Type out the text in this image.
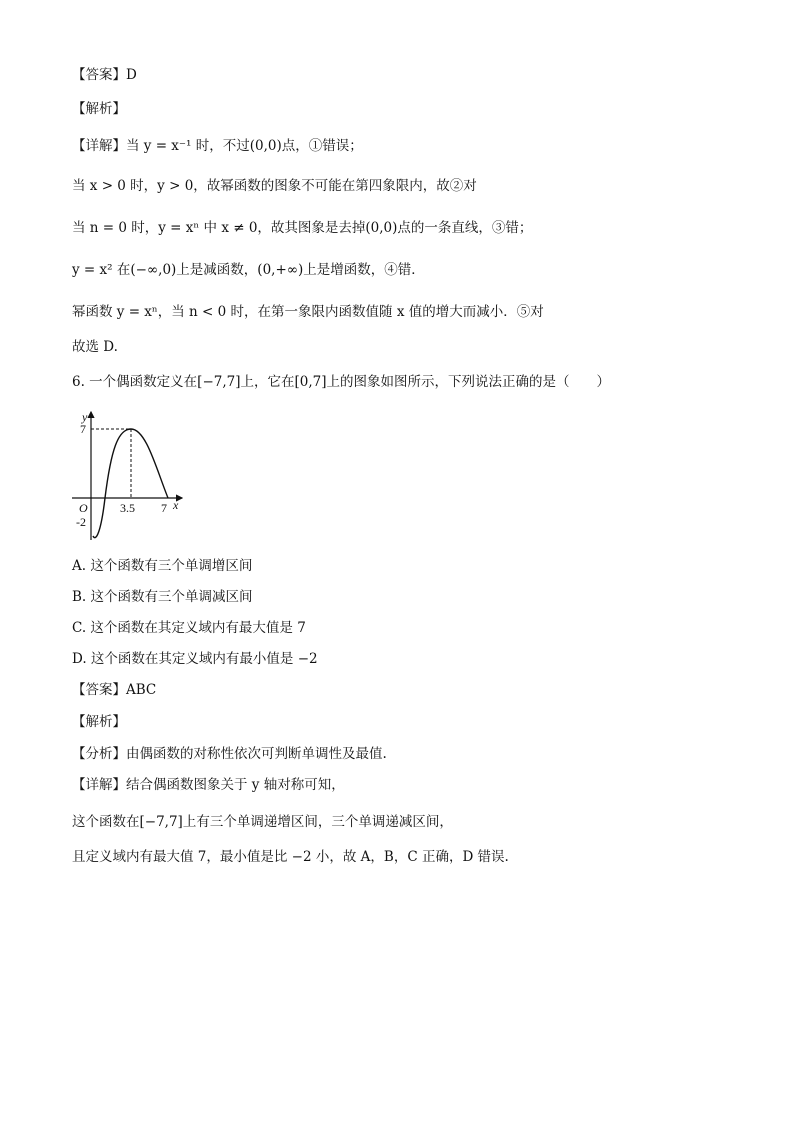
【答案】D
【解析】
【详解】当 y = x⁻¹ 时，不过(0,0)点，①错误；
当 x > 0 时，y > 0，故幂函数的图象不可能在第四象限内，故②对
当 n = 0 时，y = xⁿ 中 x ≠ 0，故其图象是去掉(0,0)点的一条直线，③错；
y = x² 在(−∞,0)上是减函数，(0,+∞)上是增函数，④错．
幂函数 y = xⁿ，当 n < 0 时，在第一象限内函数值随 x 值的增大而减小．⑤对
故选 D.
6. 一个偶函数定义在[−7,7]上，它在[0,7]上的图象如图所示，下列说法正确的是（　　）
y
7
O
-2
3.5 7 x
A. 这个函数有三个单调增区间
B. 这个函数有三个单调减区间
C. 这个函数在其定义域内有最大值是 7
D. 这个函数在其定义域内有最小值是 −2
【答案】ABC
【解析】
【分析】由偶函数的对称性依次可判断单调性及最值.
【详解】结合偶函数图象关于 y 轴对称可知，
这个函数在[−7,7]上有三个单调递增区间，三个单调递减区间，
且定义域内有最大值 7，最小值是比 −2 小，故 A，B，C 正确，D 错误.
